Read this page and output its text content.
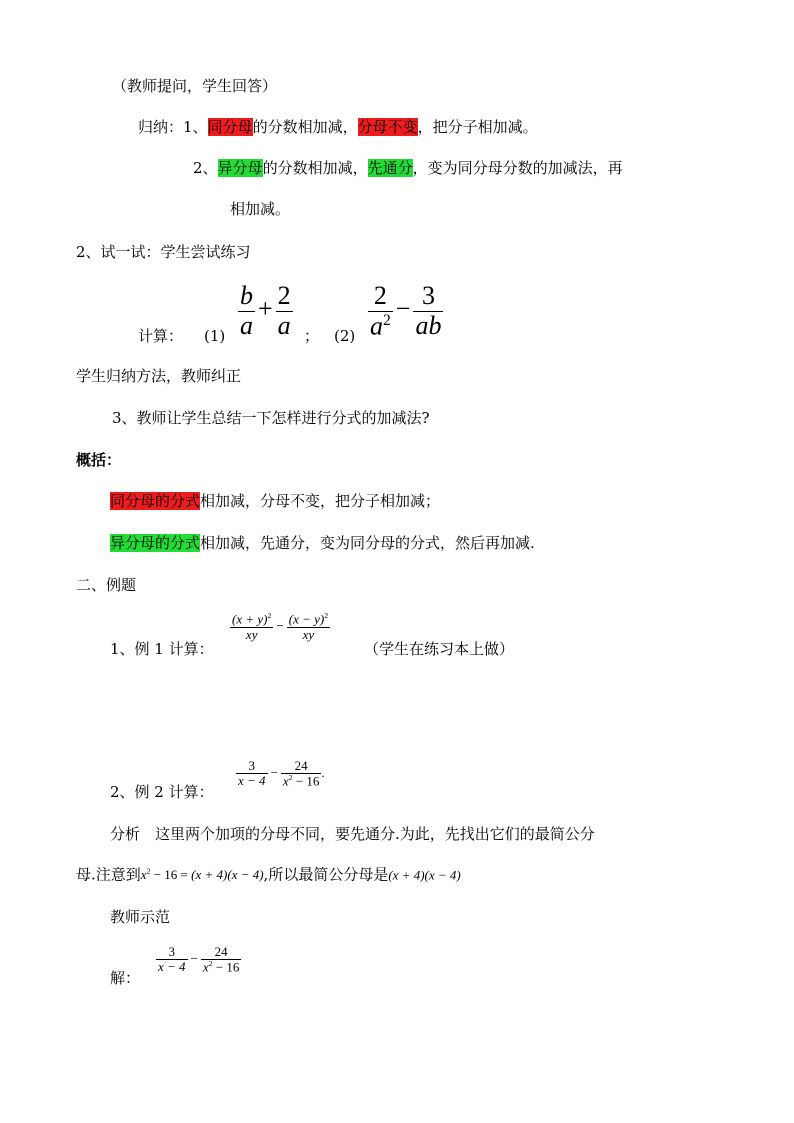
（教师提问，学生回答）
归纳：1、同分母的分数相加减，分母不变，把分子相加减。
2、异分母的分数相加减，先通分，变为同分母分数的加减法，再
相加减。
2、试一试：学生尝试练习
计算： $(1) \frac{b}{a} + \frac{2}{a}$ ； $(2) \frac{2}{a^2} - \frac{3}{ab}$
学生归纳方法，教师纠正
3、教师让学生总结一下怎样进行分式的加减法?
概括：
同分母的分式相加减，分母不变，把分子相加减；
异分母的分式相加减，先通分，变为同分母的分式，然后再加减.
二、例题
1、例 1 计算：
$\frac{(x + y)^2}{xy} - \frac{(x - y)^2}{xy}$
（学生在练习本上做）
2、例 2 计算：
$\frac{3}{x - 4} - \frac{24}{x^2 - 16}$ .
分析　这里两个加项的分母不同，要先通分.为此，先找出它们的最简公分
母.注意到$x^2 - 16 = (x + 4)(x - 4)$,所以最简公分母是(x + 4)(x − 4)
教师示范
解：
$\frac{3}{x - 4} - \frac{24}{x^2 - 16}$
